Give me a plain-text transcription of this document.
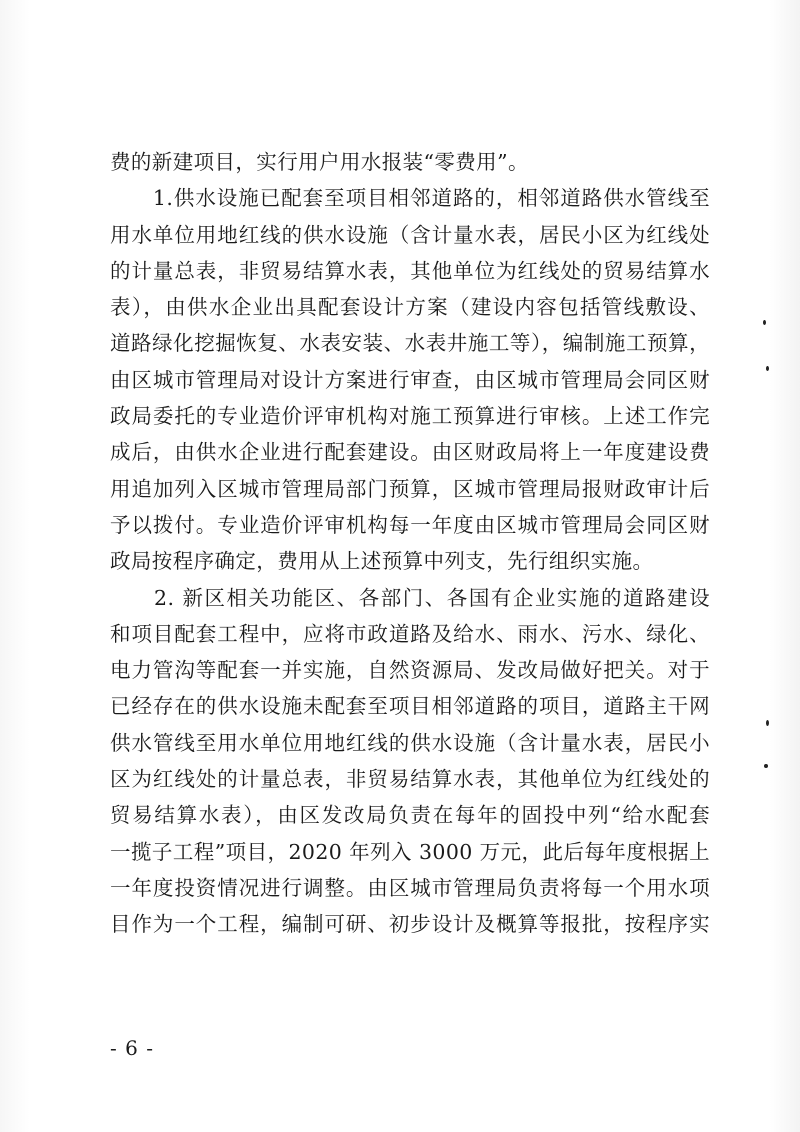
费的新建项目，实行用户用水报装“零费用”。
　　1.供水设施已配套至项目相邻道路的，相邻道路供水管线至
用水单位用地红线的供水设施（含计量水表，居民小区为红线处
的计量总表，非贸易结算水表，其他单位为红线处的贸易结算水
表），由供水企业出具配套设计方案（建设内容包括管线敷设、
道路绿化挖掘恢复、水表安装、水表井施工等），编制施工预算，
由区城市管理局对设计方案进行审查，由区城市管理局会同区财
政局委托的专业造价评审机构对施工预算进行审核。上述工作完
成后，由供水企业进行配套建设。由区财政局将上一年度建设费
用追加列入区城市管理局部门预算，区城市管理局报财政审计后
予以拨付。专业造价评审机构每一年度由区城市管理局会同区财
政局按程序确定，费用从上述预算中列支，先行组织实施。
　　2. 新区相关功能区、各部门、各国有企业实施的道路建设
和项目配套工程中，应将市政道路及给水、雨水、污水、绿化、
电力管沟等配套一并实施，自然资源局、发改局做好把关。对于
已经存在的供水设施未配套至项目相邻道路的项目，道路主干网
供水管线至用水单位用地红线的供水设施（含计量水表，居民小
区为红线处的计量总表，非贸易结算水表，其他单位为红线处的
贸易结算水表），由区发改局负责在每年的固投中列“给水配套
一揽子工程”项目，2020 年列入 3000 万元，此后每年度根据上
一年度投资情况进行调整。由区城市管理局负责将每一个用水项
目作为一个工程，编制可研、初步设计及概算等报批，按程序实
- 6 -
